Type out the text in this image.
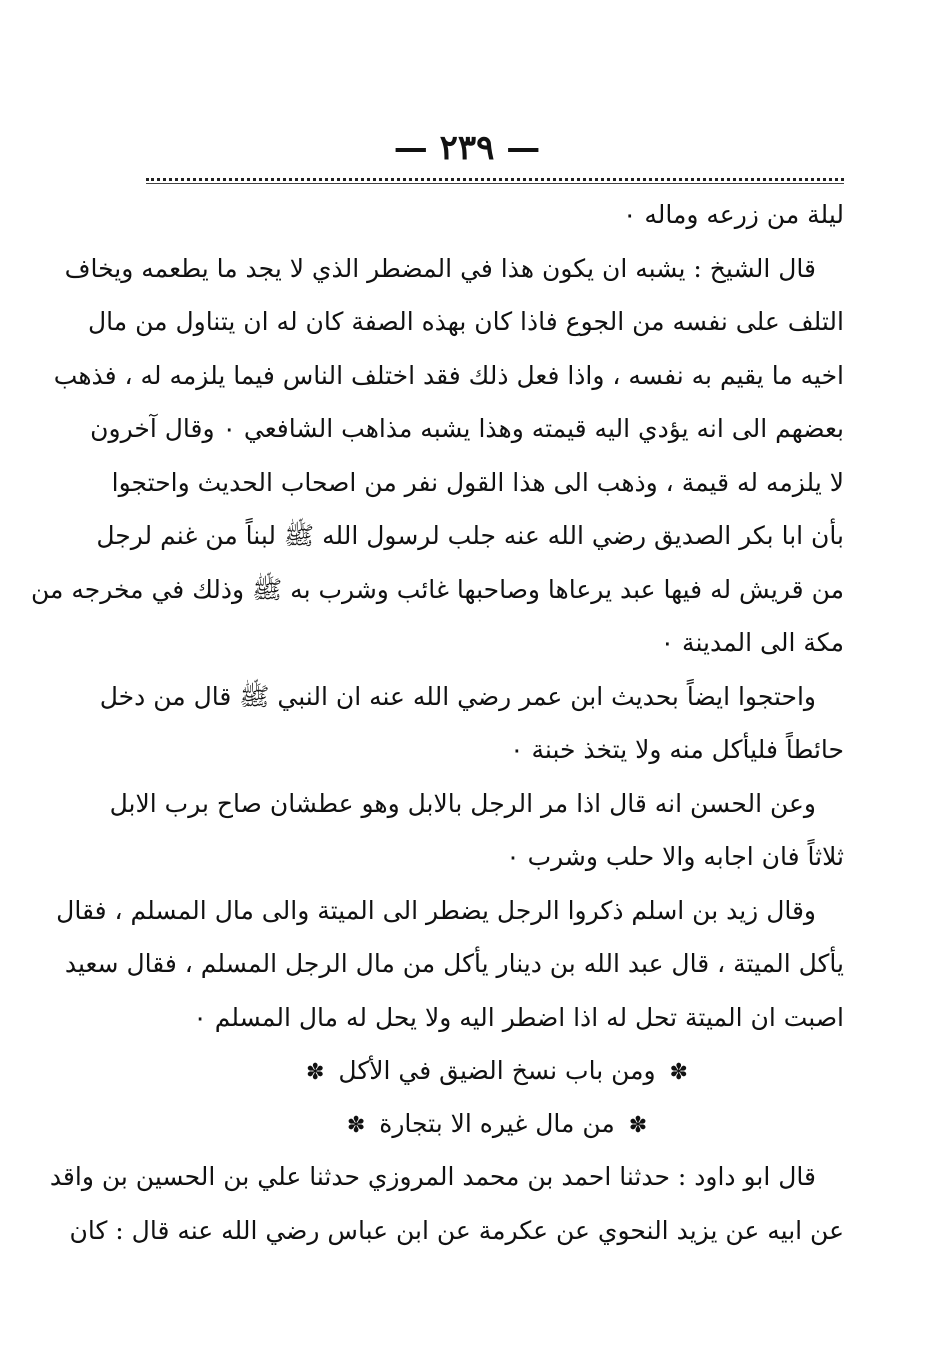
— ٢٣٩ —
ليلة من زرعه وماله ٠
قال الشيخ : يشبه ان يكون هذا في المضطر الذي لا يجد ما يطعمه ويخاف
التلف على نفسه من الجوع فاذا كان بهذه الصفة كان له ان يتناول من مال
اخيه ما يقيم به نفسه ، واذا فعل ذلك فقد اختلف الناس فيما يلزمه له ، فذهب
بعضهم الى انه يؤدي اليه قيمته وهذا يشبه مذاهب الشافعي ٠ وقال آخرون
لا يلزمه له قيمة ، وذهب الى هذا القول نفر من اصحاب الحديث واحتجوا
بأن ابا بكر الصديق رضي الله عنه جلب لرسول الله ﷺ لبناً من غنم لرجل
من قريش له فيها عبد يرعاها وصاحبها غائب وشرب به ﷺ وذلك في مخرجه من
مكة الى المدينة ٠
واحتجوا ايضاً بحديث ابن عمر رضي الله عنه ان النبي ﷺ قال من دخل
حائطاً فليأكل منه ولا يتخذ خبنة ٠
وعن الحسن انه قال اذا مر الرجل بالابل وهو عطشان صاح برب الابل
ثلاثاً فان اجابه والا حلب وشرب ٠
وقال زيد بن اسلم ذكروا الرجل يضطر الى الميتة والى مال المسلم ، فقال
يأكل الميتة ، قال عبد الله بن دينار يأكل من مال الرجل المسلم ، فقال سعيد
اصبت ان الميتة تحل له اذا اضطر اليه ولا يحل له مال المسلم ٠
✽ ومن باب نسخ الضيق في الأكل ✽
✽ من مال غيره الا بتجارة ✽
قال ابو داود : حدثنا احمد بن محمد المروزي حدثنا علي بن الحسين بن واقد
عن ابيه عن يزيد النحوي عن عكرمة عن ابن عباس رضي الله عنه قال : كان
